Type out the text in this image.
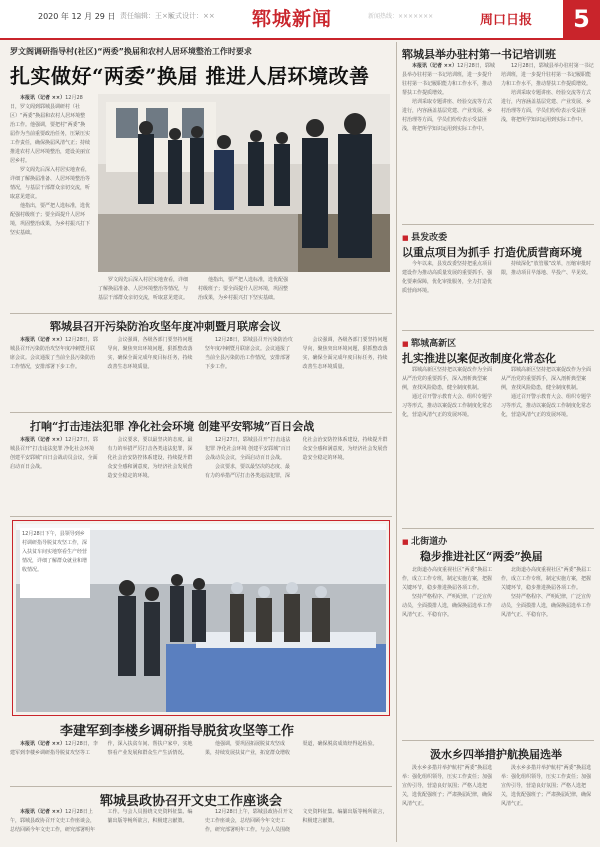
2020 年 12 月 29 日 责任编辑：王××
版式设计：×× 郓城新闻	新闻热线：×××××××	周口日报	5
罗文阁调研指导村(社区)“两委”换届和农村人居环境整治工作时要求
扎实做好“两委”换届 推进人居环境改善

本报讯（记者 ××）12月28日，罗文阁到郓城县调研村（社区）“两委”换届和农村人居环境整治工作。他强调，要把村“两委”换届作为当前重要政治任务，压紧压实工作责任，确保换届风清气正；持续推进农村人居环境整治，建设美丽宜居乡村。

罗文阁先后深入村居实地查看，详细了解换届准备、人居环境整治等情况，与基层干部群众亲切交流，听取意见建议。

他指出，要严把人选标准，选优配强村级班子；要全面提升人居环境，巩固整治成果，为乡村振兴打下坚实基础。

罗文阁先后深入村居实地查看，详细了解换届准备、人居环境整治等情况，与基层干部群众亲切交流，听取意见建议。

他指出，要严把人选标准，选优配强村级班子；要全面提升人居环境，巩固整治成果，为乡村振兴打下坚实基础。

郓城县召开污染防治攻坚年度冲刺暨月联席会议

本报讯（记者 ××）12月28日，郓城县召开污染防治攻坚年度冲刺暨月联席会议。会议通报了当前全县污染防治工作情况，安排部署下步工作。

会议强调，各级各部门要坚持问题导向，聚焦突出环境问题，狠抓整改落实，确保全面完成年度目标任务，持续改善生态环境质量。

12月28日，郓城县召开污染防治攻坚年度冲刺暨月联席会议。会议通报了当前全县污染防治工作情况，安排部署下步工作。

会议强调，各级各部门要坚持问题导向，聚焦突出环境问题，狠抓整改落实，确保全面完成年度目标任务，持续改善生态环境质量。

打响“打击违法犯罪 净化社会环境 创建平安郓城”百日会战

本报讯（记者 ××）12月27日，郓城县召开“打击违法犯罪 净化社会环境 创建平安郓城”百日会战动员会议，全面启动百日会战。

会议要求，要以最坚决的态度、最有力的举措严厉打击各类违法犯罪，深化社会治安防控体系建设，持续提升群众安全感和满意度，为经济社会发展营造安全稳定的环境。

12月27日，郓城县召开“打击违法犯罪 净化社会环境 创建平安郓城”百日会战动员会议，全面启动百日会战。

会议要求，要以最坚决的态度、最有力的举措严厉打击各类违法犯罪，深化社会治安防控体系建设，持续提升群众安全感和满意度，为经济社会发展营造安全稳定的环境。

12月28日下午，县领导到乡村调研指导脱贫攻坚工作，深入扶贫车间实地察看生产经营情况，详细了解群众就业和增收情况。
李建军到李楼乡调研指导脱贫攻坚等工作

本报讯（记者 ××）12月28日，李建军到李楼乡调研指导脱贫攻坚等工作，深入扶贫车间、帮扶户家中，实地察看产业发展和群众生产生活情况。

他强调，要巩固拓展脱贫攻坚成果，持续发展扶贫产业，拓宽群众增收渠道，确保脱贫成效经得起检验。

郓城县政协召开文史工作座谈会

本报讯（记者 ××）12月28日上午，郓城县政协召开文史工作座谈会，总结回顾今年文史工作，研究部署明年工作。与会人员围绕文史资料征集、编纂出版等畅所欲言，积极建言献策。

12月28日上午，郓城县政协召开文史工作座谈会，总结回顾今年文史工作，研究部署明年工作。与会人员围绕文史资料征集、编纂出版等畅所欲言，积极建言献策。

郓城县举办驻村第一书记培训班

本报讯（记者 ××）12月28日，郓城县举办驻村第一书记培训班，进一步提升驻村第一书记履职能力和工作水平，推动帮扶工作提质增效。

培训采取专题讲座、经验交流等方式进行，内容涵盖基层党建、产业发展、乡村治理等方面，学员们纷纷表示受益匪浅，将把所学知识运用到实际工作中。

12月28日，郓城县举办驻村第一书记培训班，进一步提升驻村第一书记履职能力和工作水平，推动帮扶工作提质增效。

培训采取专题讲座、经验交流等方式进行，内容涵盖基层党建、产业发展、乡村治理等方面，学员们纷纷表示受益匪浅，将把所学知识运用到实际工作中。

■ 县发改委
以重点项目为抓手 打造优质营商环境

今年以来，县发改委坚持把重点项目建设作为推动高质量发展的重要抓手，强化要素保障，优化审批服务，全力打造优质营商环境。

持续深化“放管服”改革，压缩审批时限，推动项目早落地、早投产、早见效。

■ 郓城高新区
扎实推进以案促改制度化常态化

郓城高新区坚持把以案促改作为全面从严治党的重要抓手，深入剖析典型案例，查找风险隐患，健全制度机制。

通过召开警示教育大会、组织专题学习等形式，推动以案促改工作制度化常态化，营造风清气正的发展环境。

郓城高新区坚持把以案促改作为全面从严治党的重要抓手，深入剖析典型案例，查找风险隐患，健全制度机制。

通过召开警示教育大会、组织专题学习等形式，推动以案促改工作制度化常态化，营造风清气正的发展环境。

■ 北街道办
稳步推进社区“两委”换届

北街道办高度重视社区“两委”换届工作，成立工作专班，制定实施方案，把握关键环节，稳步推进换届各项工作。

坚持严格程序、严明纪律，广泛宣传动员，全面摸排人选，确保换届选举工作风清气正、平稳有序。

北街道办高度重视社区“两委”换届工作，成立工作专班，制定实施方案，把握关键环节，稳步推进换届各项工作。

坚持严格程序、严明纪律，广泛宣传动员，全面摸排人选，确保换届选举工作风清气正、平稳有序。

汲水乡四举措护航换届选举

汲水乡多措并举护航村“两委”换届选举：强化组织领导，压实工作责任；加强宣传引导，营造良好氛围；严格人选把关，选优配强班子；严肃换届纪律，确保风清气正。

汲水乡多措并举护航村“两委”换届选举：强化组织领导，压实工作责任；加强宣传引导，营造良好氛围；严格人选把关，选优配强班子；严肃换届纪律，确保风清气正。
